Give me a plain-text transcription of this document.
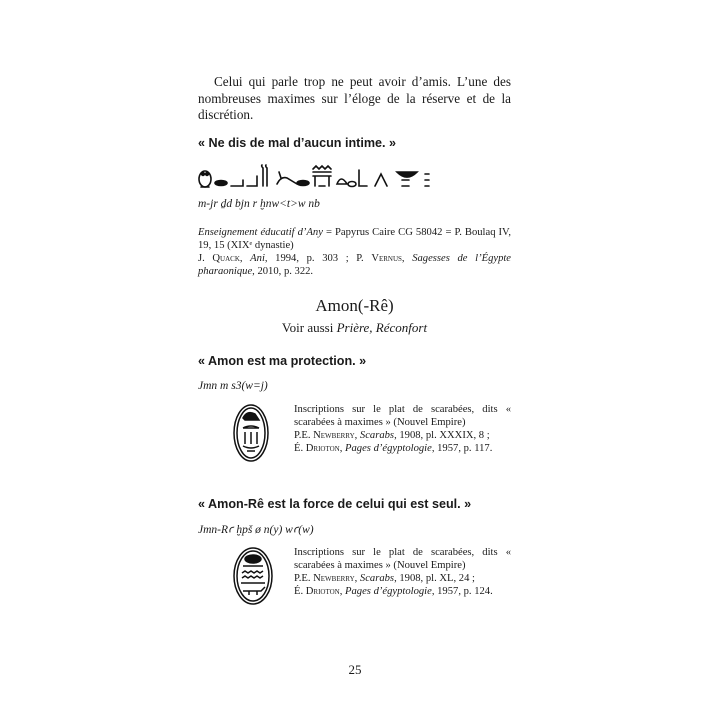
Celui qui parle trop ne peut avoir d’amis. L’une des nombreuses maximes sur l’éloge de la réserve et de la discrétion.
« Ne dis de mal d’aucun intime. »
m-jr ḏd bjn r ḫnw<t>w nb
Enseignement éducatif d’Any = Papyrus Caire CG 58042 = P. Boulaq IV, 19, 15 (XIXᵉ dynastie)
J. Quack, Ani, 1994, p. 303 ; P. Vernus, Sagesses de l’Égypte pharaonique, 2010, p. 322.
Amon(-Rê)
Voir aussi Prière, Réconfort
« Amon est ma protection. »
Jmn m s3(w=j)
Inscriptions sur le plat de scarabées, dits « scarabées à maximes » (Nouvel Empire)
P.E. Newberry, Scarabs, 1908, pl. XXXIX, 8 ;
É. Drioton, Pages d’égyptologie, 1957, p. 117.
« Amon-Rê est la force de celui qui est seul. »
Jmn-Rꜥ ḫpš ø n(y) wꜥ(w)
Inscriptions sur le plat de scarabées, dits « scarabées à maximes » (Nouvel Empire)
P.E. Newberry, Scarabs, 1908, pl. XL, 24 ;
É. Drioton, Pages d’égyptologie, 1957, p. 124.
25
